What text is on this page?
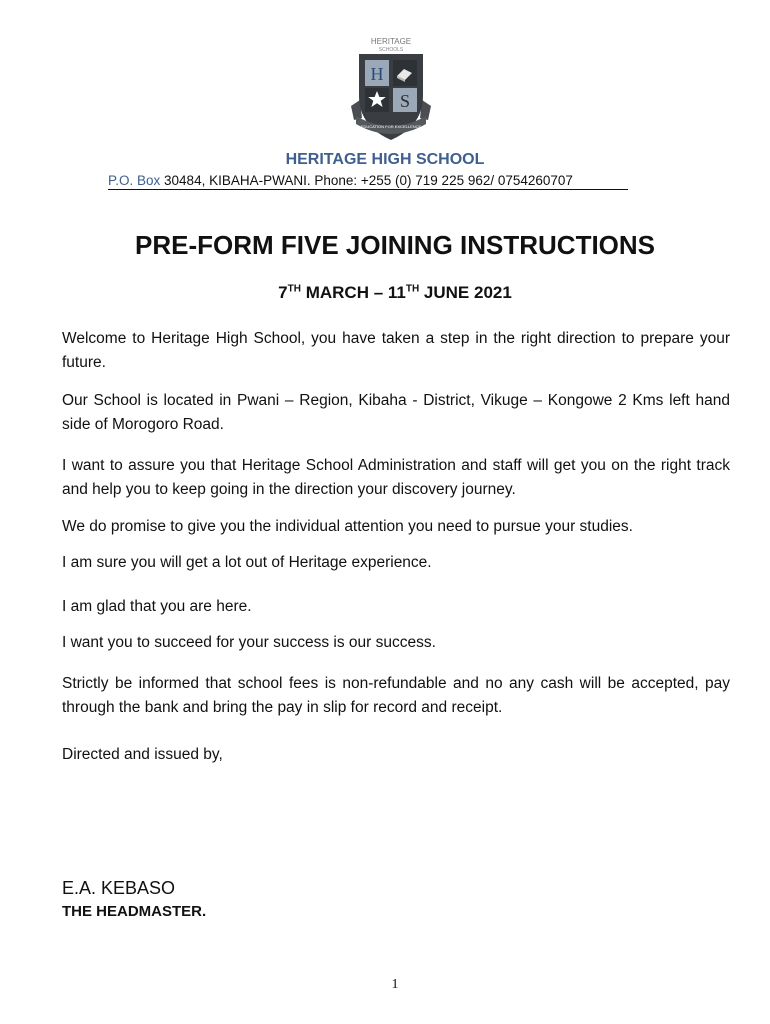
HERITAGE
SCHOOLS
H
S
EDUCATION FOR EXCELLENCE
HERITAGE HIGH SCHOOL
P.O. Box 30484, KIBAHA-PWANI. Phone: +255 (0) 719 225 962/ 0754260707
PRE-FORM FIVE JOINING INSTRUCTIONS
7TH MARCH – 11TH JUNE 2021

Welcome to Heritage High School, you have taken a step in the right direction to prepare your future.

Our School is located in Pwani – Region, Kibaha - District, Vikuge – Kongowe 2 Kms left hand side of Morogoro Road.

I want to assure you that Heritage School Administration and staff will get you on the right track and help you to keep going in the direction your discovery journey.

We do promise to give you the individual attention you need to pursue your studies.

I am sure you will get a lot out of Heritage experience.

I am glad that you are here.

I want you to succeed for your success is our success.

Strictly be informed that school fees is non-refundable and no any cash will be accepted, pay through the bank and bring the pay in slip for record and receipt.

Directed and issued by,

E.A. KEBASO
THE HEADMASTER.
1
